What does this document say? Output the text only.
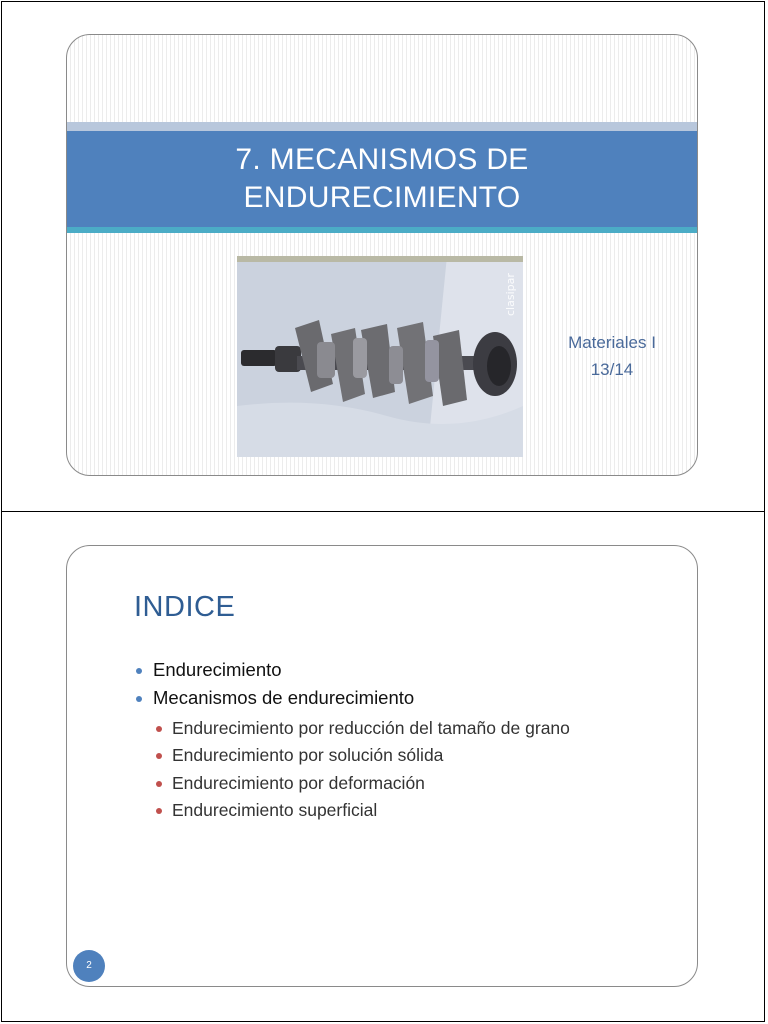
7. MECANISMOS DE
ENDURECIMIENTO
clasipar
Materiales I
13/14
INDICE
Endurecimiento
Mecanismos de endurecimiento
Endurecimiento por reducción del tamaño de grano
Endurecimiento por solución sólida
Endurecimiento por deformación
Endurecimiento superficial
2
